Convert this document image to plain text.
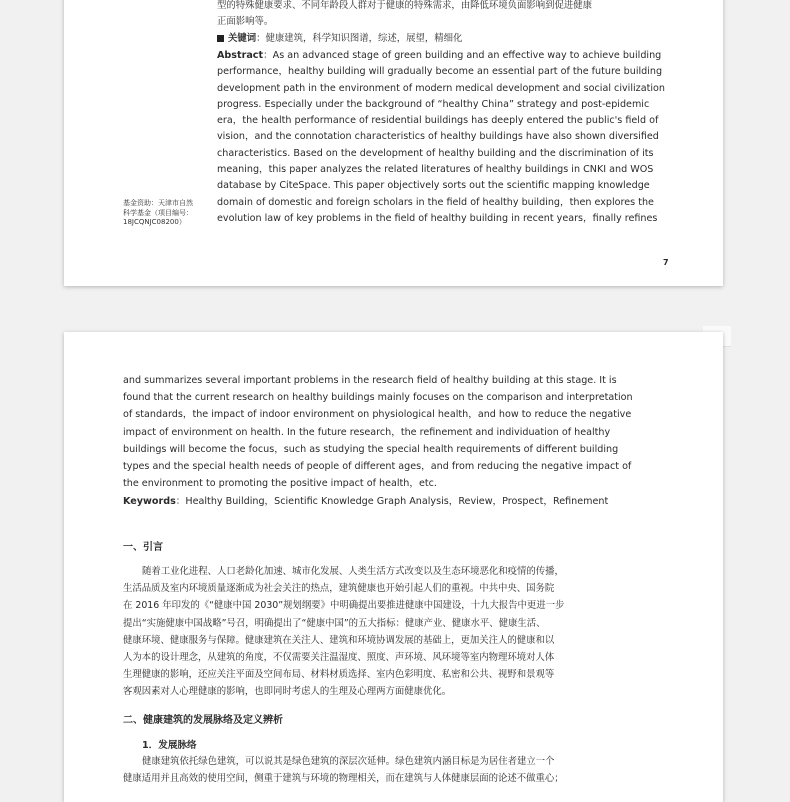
型的特殊健康要求、不同年龄段人群对于健康的特殊需求，由降低环境负面影响到促进健康
正面影响等。
关键词：健康建筑，科学知识图谱，综述，展望，精细化
Abstract：As an advanced stage of green building and an effective way to achieve building
performance，healthy building will gradually become an essential part of the future building
development path in the environment of modern medical development and social civilization
progress. Especially under the background of “healthy China” strategy and post-epidemic
era，the health performance of residential buildings has deeply entered the public's field of
vision，and the connotation characteristics of healthy buildings have also shown diversified
characteristics. Based on the development of healthy building and the discrimination of its
meaning，this paper analyzes the related literatures of healthy buildings in CNKI and WOS
database by CiteSpace. This paper objectively sorts out the scientific mapping knowledge
domain of domestic and foreign scholars in the field of healthy building，then explores the
evolution law of key problems in the field of healthy building in recent years，finally refines
基金资助：天津市自然
科学基金（项目编号：
18JCQNJC08200）
7
and summarizes several important problems in the research field of healthy building at this stage. It is
found that the current research on healthy buildings mainly focuses on the comparison and interpretation
of standards，the impact of indoor environment on physiological health，and how to reduce the negative
impact of environment on health. In the future research，the refinement and individuation of healthy
buildings will become the focus，such as studying the special health requirements of different building
types and the special health needs of people of different ages，and from reducing the negative impact of
the environment to promoting the positive impact of health，etc.
Keywords：Healthy Building，Scientific Knowledge Graph Analysis，Review，Prospect，Refinement
一、引言
随着工业化进程、人口老龄化加速、城市化发展、人类生活方式改变以及生态环境恶化和疫情的传播，
生活品质及室内环境质量逐渐成为社会关注的热点，建筑健康也开始引起人们的重视。中共中央、国务院
在 2016 年印发的《“健康中国 2030”规划纲要》中明确提出要推进健康中国建设，十九大报告中更进一步
提出“实施健康中国战略”号召，明确提出了“健康中国”的五大指标：健康产业、健康水平、健康生活、
健康环境、健康服务与保障。健康建筑在关注人、建筑和环境协调发展的基础上，更加关注人的健康和以
人为本的设计理念，从建筑的角度，不仅需要关注温湿度、照度、声环境、风环境等室内物理环境对人体
生理健康的影响，还应关注平面及空间布局、材料材质选择、室内色彩明度、私密和公共、视野和景观等
客观因素对人心理健康的影响，也即同时考虑人的生理及心理两方面健康优化。
二、健康建筑的发展脉络及定义辨析
1．发展脉络
健康建筑依托绿色建筑，可以说其是绿色建筑的深层次延伸。绿色建筑内涵目标是为居住者建立一个
健康适用并且高效的使用空间，侧重于建筑与环境的物理相关，而在建筑与人体健康层面的论述不做重心；
